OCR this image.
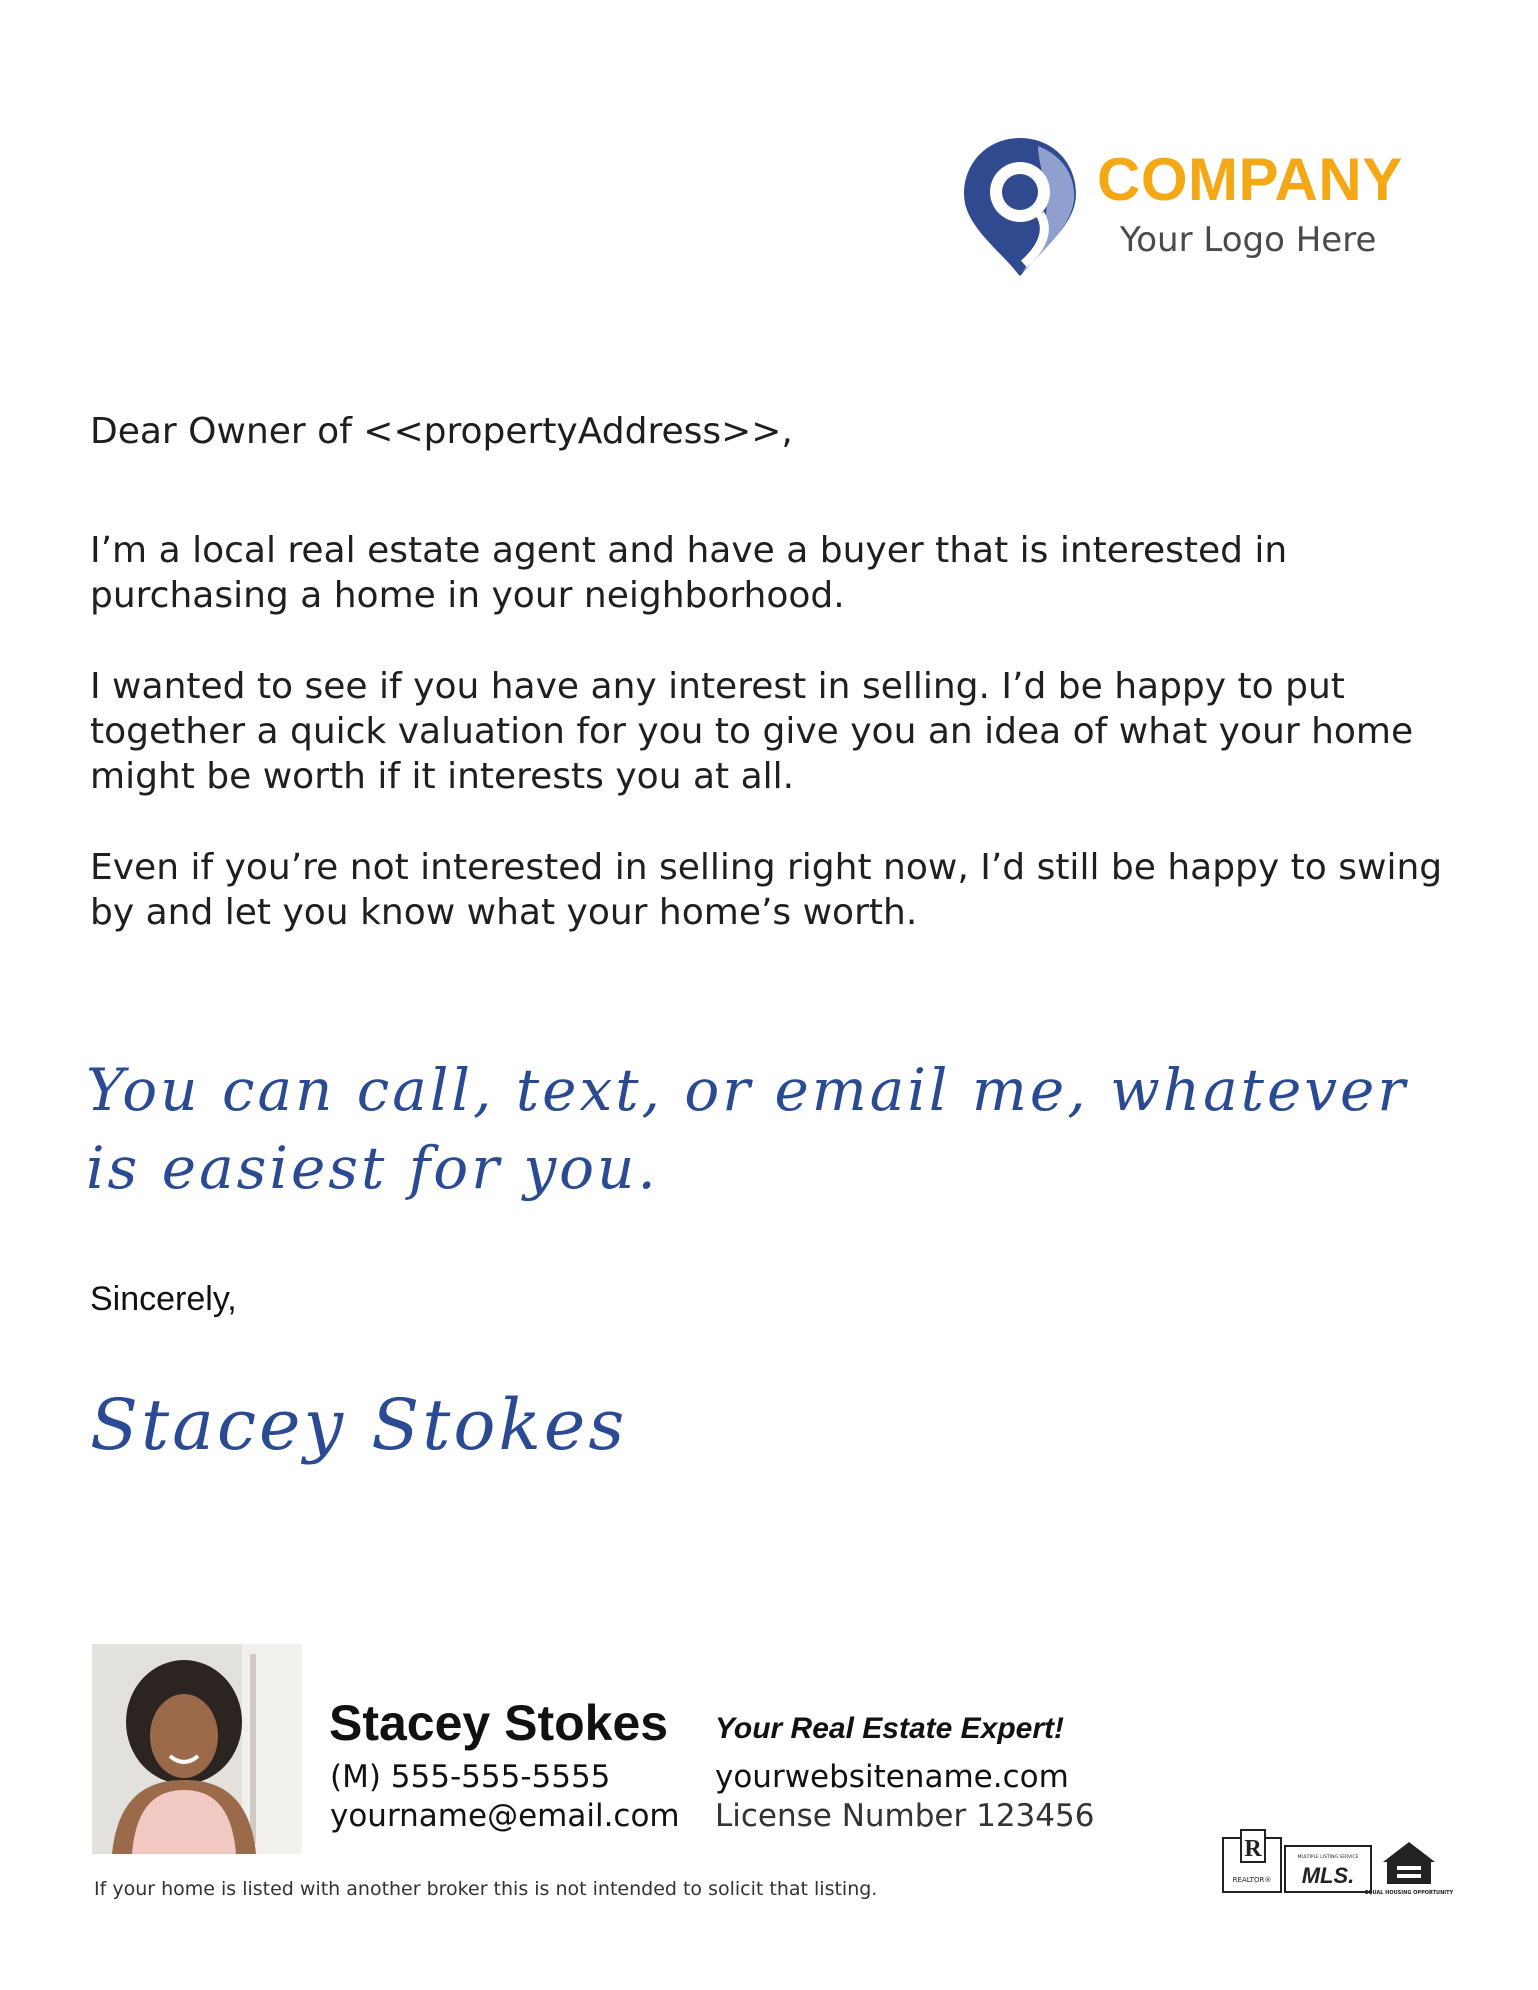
COMPANY
Your Logo Here
Dear Owner of <<propertyAddress>>,
I’m a local real estate agent and have a buyer that is interested in purchasing a home in your neighborhood.
I wanted to see if you have any interest in selling. I’d be happy to put together a quick valuation for you to give you an idea of what your home might be worth if it interests you at all.
Even if you’re not interested in selling right now, I’d still be happy to swing by and let you know what your home’s worth.
You can call, text, or email me, whatever
is easiest for you.
Sincerely,
Stacey Stokes
Stacey Stokes
(M) 555-555-5555
yourname@email.com
Your Real Estate Expert!
yourwebsitename.com
License Number 123456
If your home is listed with another broker this is not intended to solicit that listing.
R
REALTOR®
MULTIPLE LISTING SERVICE
MLS.
EQUAL HOUSING OPPORTUNITY
